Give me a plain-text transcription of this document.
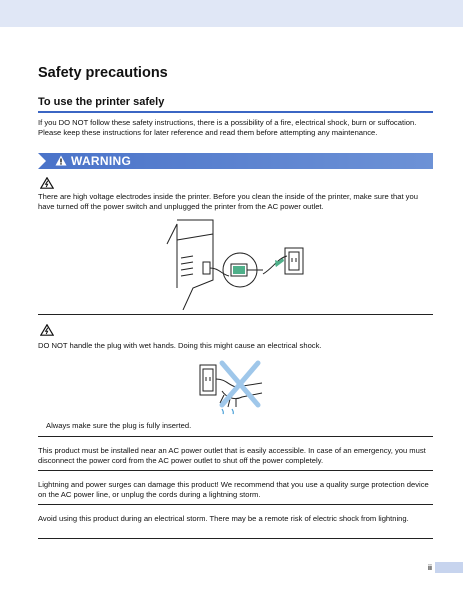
Safety precautions
To use the printer safely
If you DO NOT follow these safety instructions, there is a possibility of a fire, electrical shock, burn or suffocation. Please keep these instructions for later reference and read them before attempting any maintenance.
WARNING
There are high voltage electrodes inside the printer. Before you clean the inside of the printer, make sure that you have turned off the power switch and unplugged the printer from the AC power outlet.
DO NOT handle the plug with wet hands. Doing this might cause an electrical shock.
Always make sure the plug is fully inserted.
This product must be installed near an AC power outlet that is easily accessible. In case of an emergency, you must disconnect the power cord from the AC power outlet to shut off the power completely.
Lightning and power surges can damage this product! We recommend that you use a quality surge protection device on the AC power line, or unplug the cords during a lightning storm.
Avoid using this product during an electrical storm. There may be a remote risk of electric shock from lightning.
ii
